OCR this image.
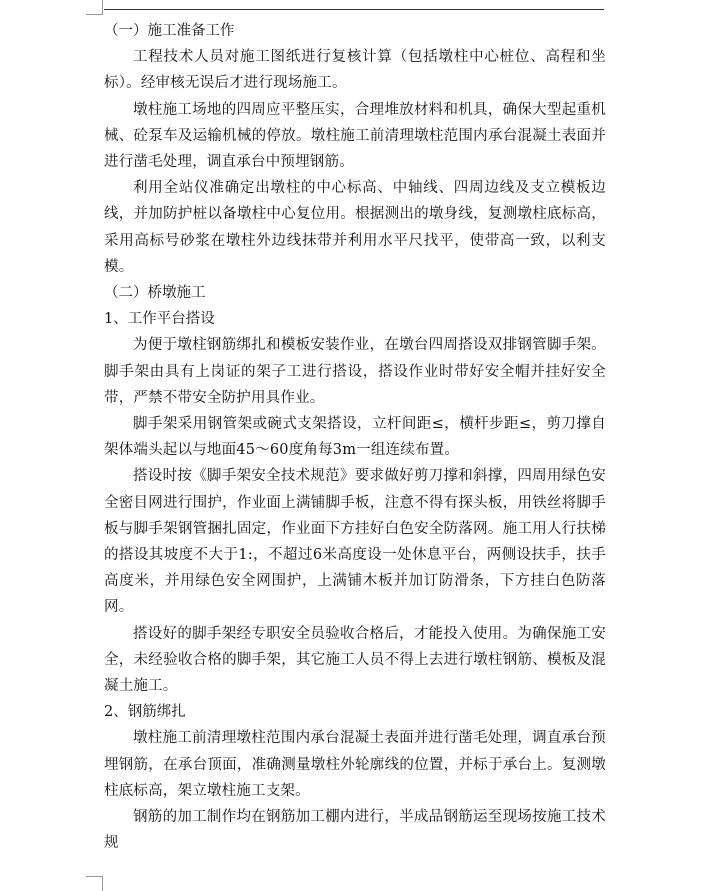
（一）施工准备工作

工程技术人员对施工图纸进行复核计算（包括墩柱中心桩位、高程和坐标）。经审核无误后才进行现场施工。

墩柱施工场地的四周应平整压实，合理堆放材料和机具，确保大型起重机械、砼泵车及运输机械的停放。墩柱施工前清理墩柱范围内承台混凝土表面并进行凿毛处理，调直承台中预埋钢筋。

利用全站仪准确定出墩柱的中心标高、中轴线、四周边线及支立模板边线，并加防护桩以备墩柱中心复位用。根据测出的墩身线，复测墩柱底标高，采用高标号砂浆在墩柱外边线抹带并利用水平尺找平，使带高一致，以利支模。

（二）桥墩施工

1、工作平台搭设

为便于墩柱钢筋绑扎和模板安装作业，在墩台四周搭设双排钢管脚手架。脚手架由具有上岗证的架子工进行搭设，搭设作业时带好安全帽并挂好安全带，严禁不带安全防护用具作业。

脚手架采用钢管架或碗式支架搭设，立杆间距≤，横杆步距≤，剪刀撑自架体端头起以与地面45～60度角每3m一组连续布置。

搭设时按《脚手架安全技术规范》要求做好剪刀撑和斜撑，四周用绿色安全密目网进行围护，作业面上满铺脚手板，注意不得有探头板，用铁丝将脚手板与脚手架钢管捆扎固定，作业面下方挂好白色安全防落网。施工用人行扶梯的搭设其坡度不大于1:，不超过6米高度设一处休息平台，两侧设扶手，扶手高度米，并用绿色安全网围护，上满铺木板并加订防滑条，下方挂白色防落网。

搭设好的脚手架经专职安全员验收合格后，才能投入使用。为确保施工安全，未经验收合格的脚手架，其它施工人员不得上去进行墩柱钢筋、模板及混凝土施工。

2、钢筋绑扎

墩柱施工前清理墩柱范围内承台混凝土表面并进行凿毛处理，调直承台预埋钢筋，在承台顶面，准确测量墩柱外轮廓线的位置，并标于承台上。复测墩柱底标高，架立墩柱施工支架。

钢筋的加工制作均在钢筋加工棚内进行，半成品钢筋运至现场按施工技术规
